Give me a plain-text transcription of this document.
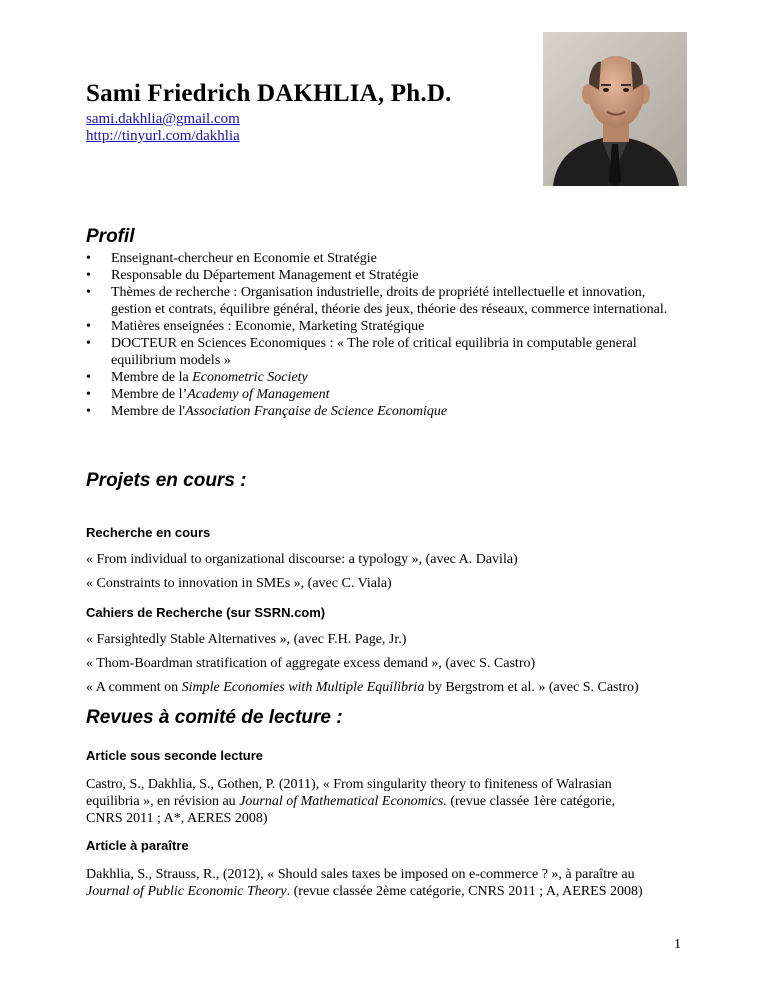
Sami Friedrich DAKHLIA, Ph.D.
sami.dakhlia@gmail.com
http://tinyurl.com/dakhlia
Profil
• Enseignant-chercheur en Economie et Stratégie
• Responsable du Département Management et Stratégie
• Thèmes de recherche : Organisation industrielle, droits de propriété intellectuelle et innovation, gestion et contrats, équilibre général, théorie des jeux, théorie des réseaux, commerce international.
• Matières enseignées : Economie, Marketing Stratégique
• DOCTEUR en Sciences Economiques : « The role of critical equilibria in computable general equilibrium models »
• Membre de la Econometric Society
• Membre de l’Academy of Management
• Membre de l'Association Française de Science Economique
Projets en cours :
Recherche en cours
« From individual to organizational discourse: a typology », (avec A. Davila)
« Constraints to innovation in SMEs », (avec C. Viala)
Cahiers de Recherche (sur SSRN.com)
« Farsightedly Stable Alternatives », (avec F.H. Page, Jr.)
« Thom-Boardman stratification of aggregate excess demand », (avec S. Castro)
« A comment on Simple Economies with Multiple Equilibria by Bergstrom et al. » (avec S. Castro)
Revues à comité de lecture :
Article sous seconde lecture
Castro, S., Dakhlia, S., Gothen, P. (2011), « From singularity theory to finiteness of Walrasian
equilibria », en révision au Journal of Mathematical Economics. (revue classée 1ère catégorie,
CNRS 2011 ; A*, AERES 2008)
Article à paraître
Dakhlia, S., Strauss, R., (2012), « Should sales taxes be imposed on e-commerce ? », à paraître au
Journal of Public Economic Theory. (revue classée 2ème catégorie, CNRS 2011 ; A, AERES 2008)
1
